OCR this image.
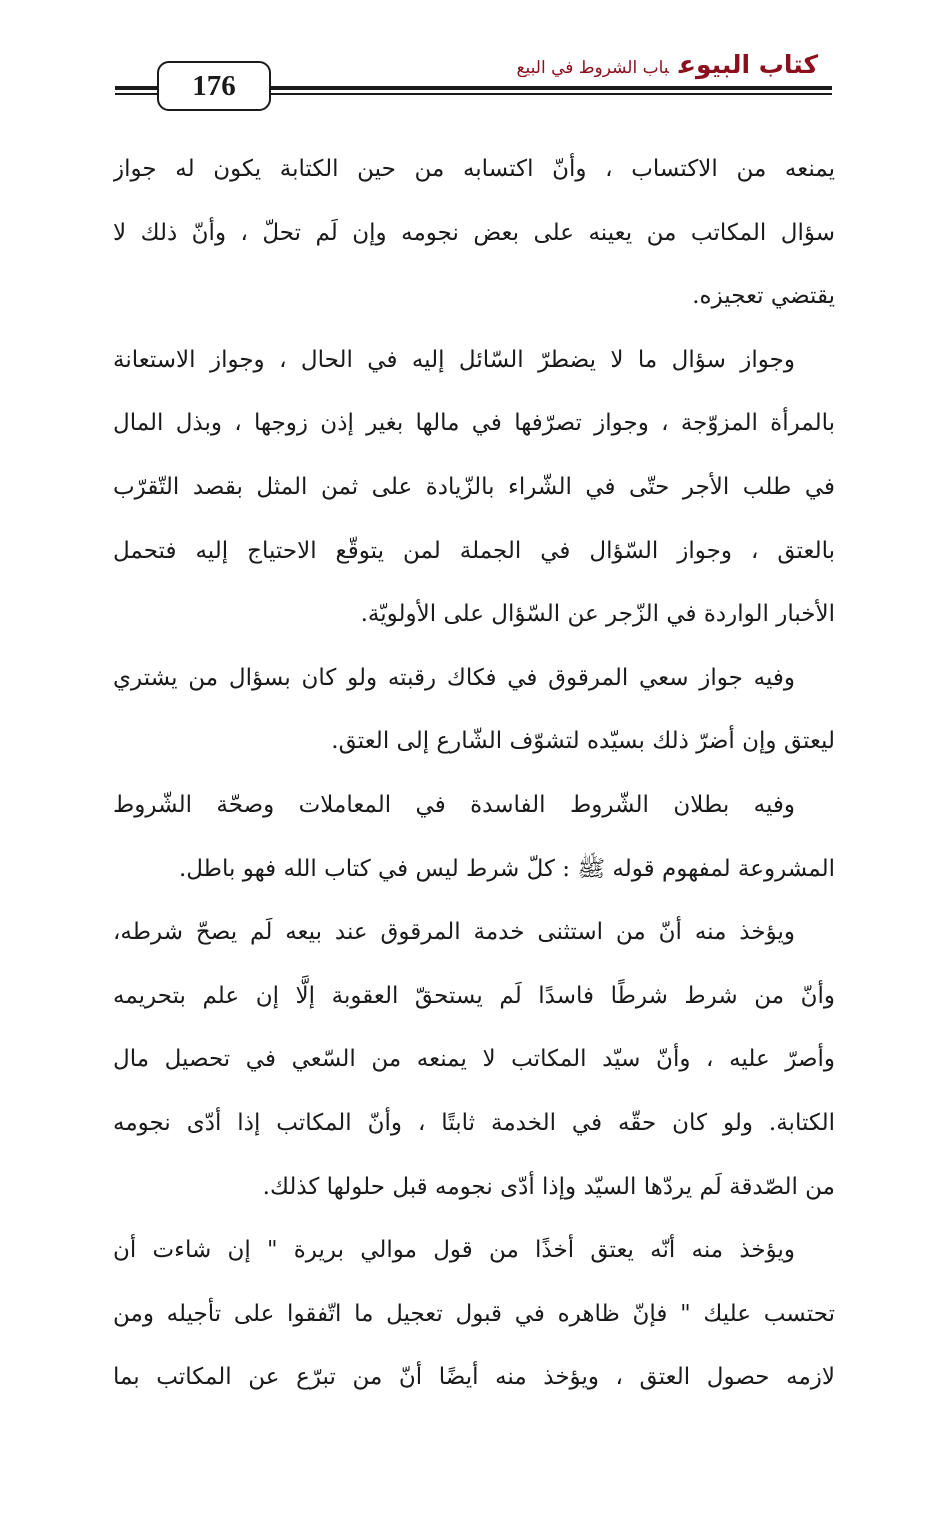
176
كتاب البيوعباب الشروط في البيع
يمنعه من الاكتساب ، وأنّ اكتسابه من حين الكتابة يكون له جواز
سؤال المكاتب من يعينه على بعض نجومه وإن لَم تحلّ ، وأنّ ذلك لا
يقتضي تعجيزه.
وجواز سؤال ما لا يضطرّ السّائل إليه في الحال ، وجواز الاستعانة
بالمرأة المزوّجة ، وجواز تصرّفها في مالها بغير إذن زوجها ، وبذل المال
في طلب الأجر حتّى في الشّراء بالزّيادة على ثمن المثل بقصد التّقرّب
بالعتق ، وجواز السّؤال في الجملة لمن يتوقّع الاحتياج إليه فتحمل
الأخبار الواردة في الزّجر عن السّؤال على الأولويّة.
وفيه جواز سعي المرقوق في فكاك رقبته ولو كان بسؤال من يشتري
ليعتق وإن أضرّ ذلك بسيّده لتشوّف الشّارع إلى العتق.
وفيه بطلان الشّروط الفاسدة في المعاملات وصحّة الشّروط
المشروعة لمفهوم قوله ﷺ : كلّ شرط ليس في كتاب الله فهو باطل.
ويؤخذ منه أنّ من استثنى خدمة المرقوق عند بيعه لَم يصحّ شرطه،
وأنّ من شرط شرطًا فاسدًا لَم يستحقّ العقوبة إلَّا إن علم بتحريمه
وأصرّ عليه ، وأنّ سيّد المكاتب لا يمنعه من السّعي في تحصيل مال
الكتابة. ولو كان حقّه في الخدمة ثابتًا ، وأنّ المكاتب إذا أدّى نجومه
من الصّدقة لَم يردّها السيّد وإذا أدّى نجومه قبل حلولها كذلك.
ويؤخذ منه أنّه يعتق أخذًا من قول موالي بريرة " إن شاءت أن
تحتسب عليك " فإنّ ظاهره في قبول تعجيل ما اتّفقوا على تأجيله ومن
لازمه حصول العتق ، ويؤخذ منه أيضًا أنّ من تبرّع عن المكاتب بما
